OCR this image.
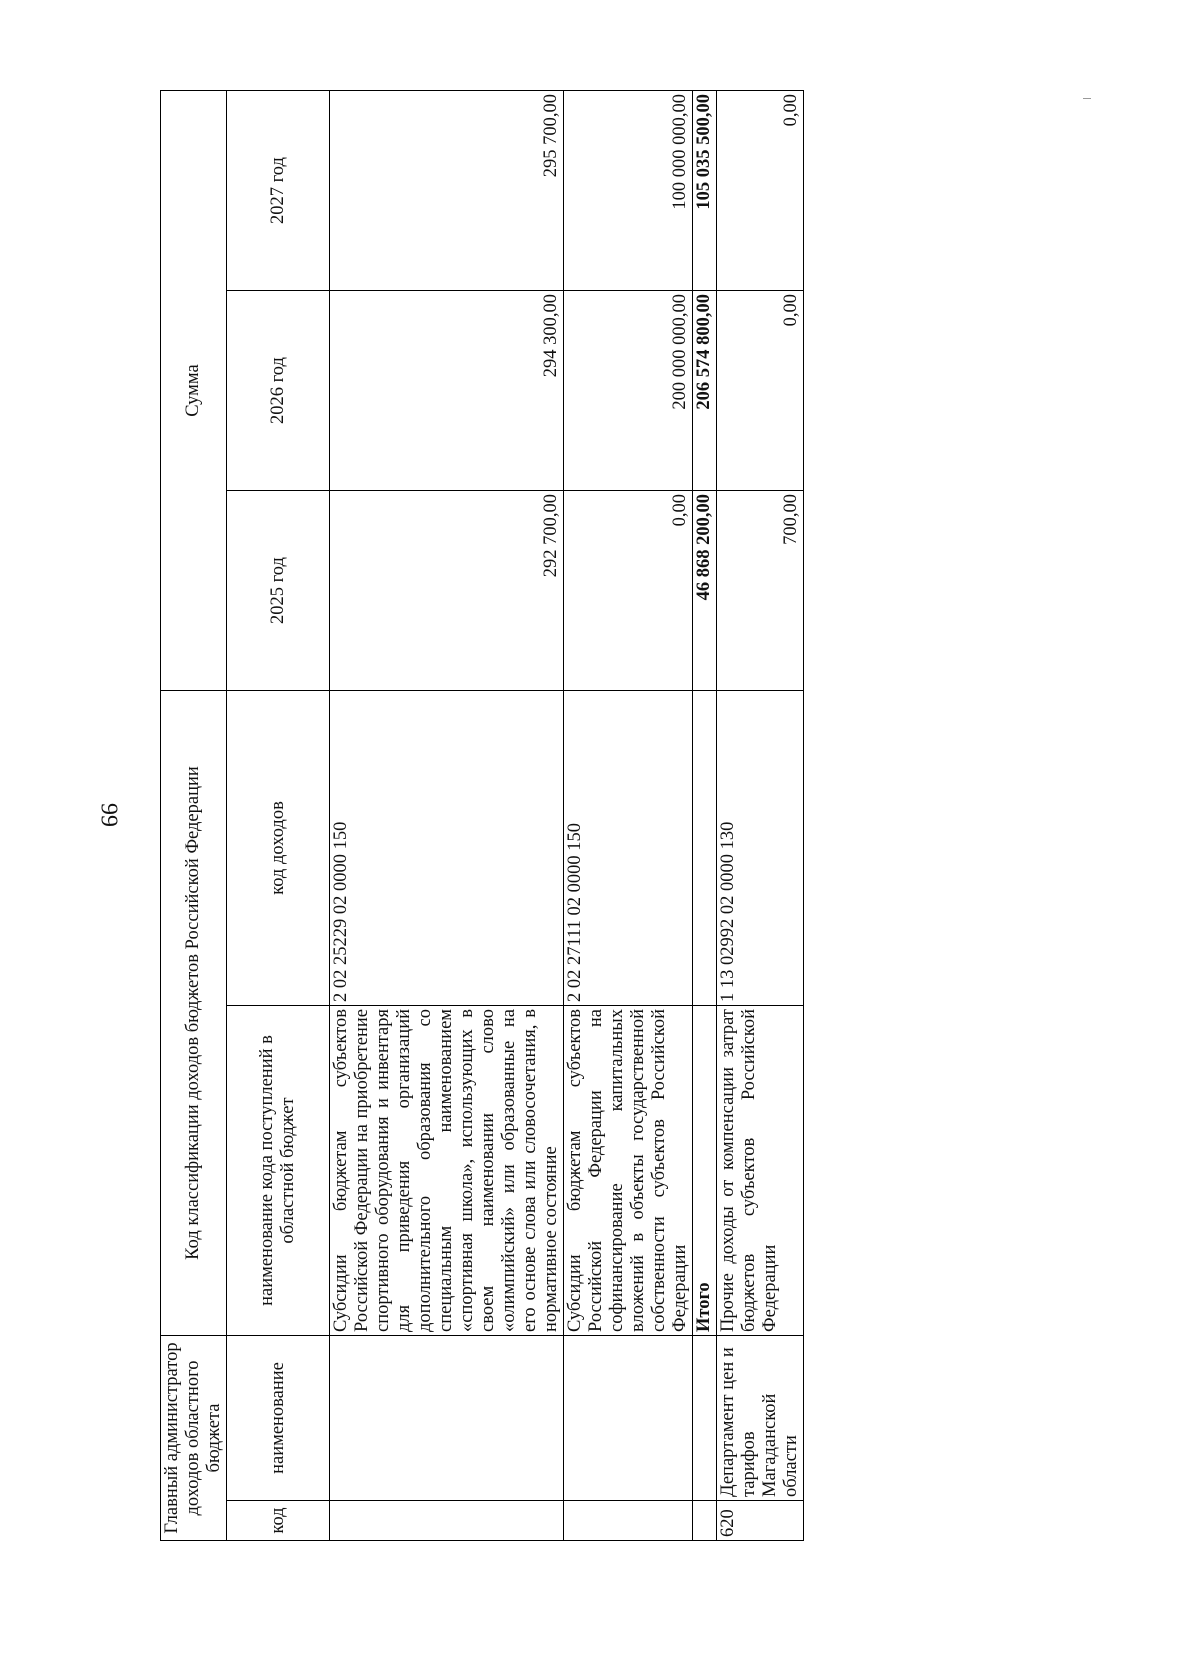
99
Главный администратор доходов областного бюджета		Код классификации доходов бюджетов Российской Федерации		Сумма		
код	наименование	наименование кода поступлений в областной бюджет	код доходов	2025 год	2026 год	2027 год
		Субсидии бюджетам субъектов Российской Федерации на приобретение спортивного оборудования и инвентаря для приведения организаций дополнительного образования со специальным наименованием «спортивная школа», использующих в своем наименовании слово «олимпийский» или образованные на его основе слова или словосочетания, в нормативное состояние	2 02 25229 02 0000 150	292 700,00	294 300,00	295 700,00
		Субсидии бюджетам субъектов Российской Федерации на софинансирование капитальных вложений в объекты государственной собственности субъектов Российской Федерации	2 02 27111 02 0000 150	0,00	200 000 000,00	100 000 000,00
		Итого		46 868 200,00	206 574 800,00	105 035 500,00
620	Департамент цен и тарифов Магаданской области	Прочие доходы от компенсации затрат бюджетов субъектов Российской Федерации	1 13 02992 02 0000 130	700,00	0,00	0,00
